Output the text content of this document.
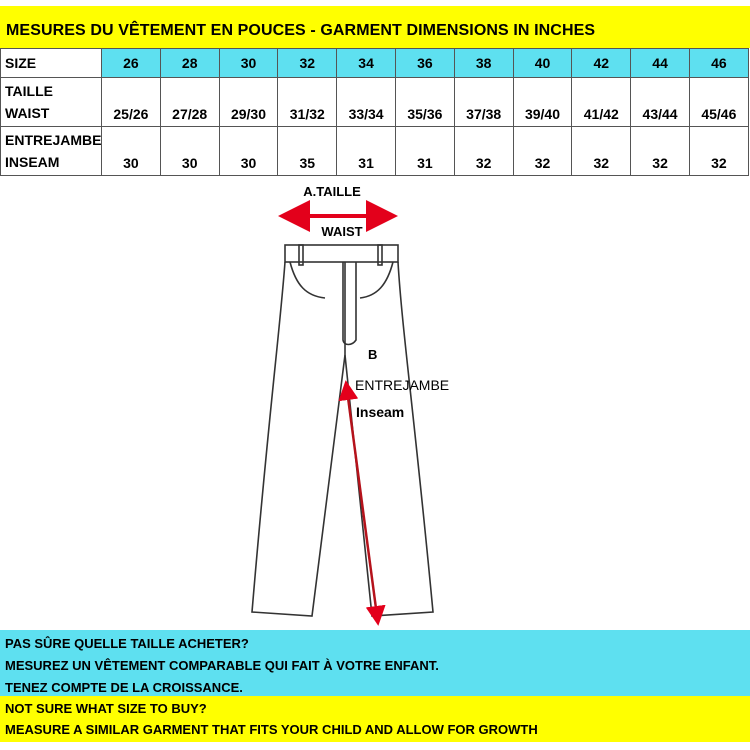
MESURES DU VÊTEMENT EN POUCES - GARMENT DIMENSIONS IN INCHES
SIZE	26	28	30	32	34	36	38	40	42	44	46

TAILLE
WAIST	25/26	27/28	29/30	31/32	33/34	35/36	37/38	39/40	41/42	43/44	45/46

ENTREJAMBE
INSEAM	30	30	30	35	31	31	32	32	32	32	32
A.TAILLE
WAIST
B
ENTREJAMBE
Inseam
PAS SÛRE QUELLE TAILLE ACHETER?
MESUREZ UN VÊTEMENT COMPARABLE QUI FAIT À VOTRE ENFANT.
TENEZ COMPTE DE LA CROISSANCE.
NOT SURE WHAT SIZE TO BUY?
MEASURE A SIMILAR GARMENT THAT FITS YOUR CHILD AND ALLOW FOR GROWTH
